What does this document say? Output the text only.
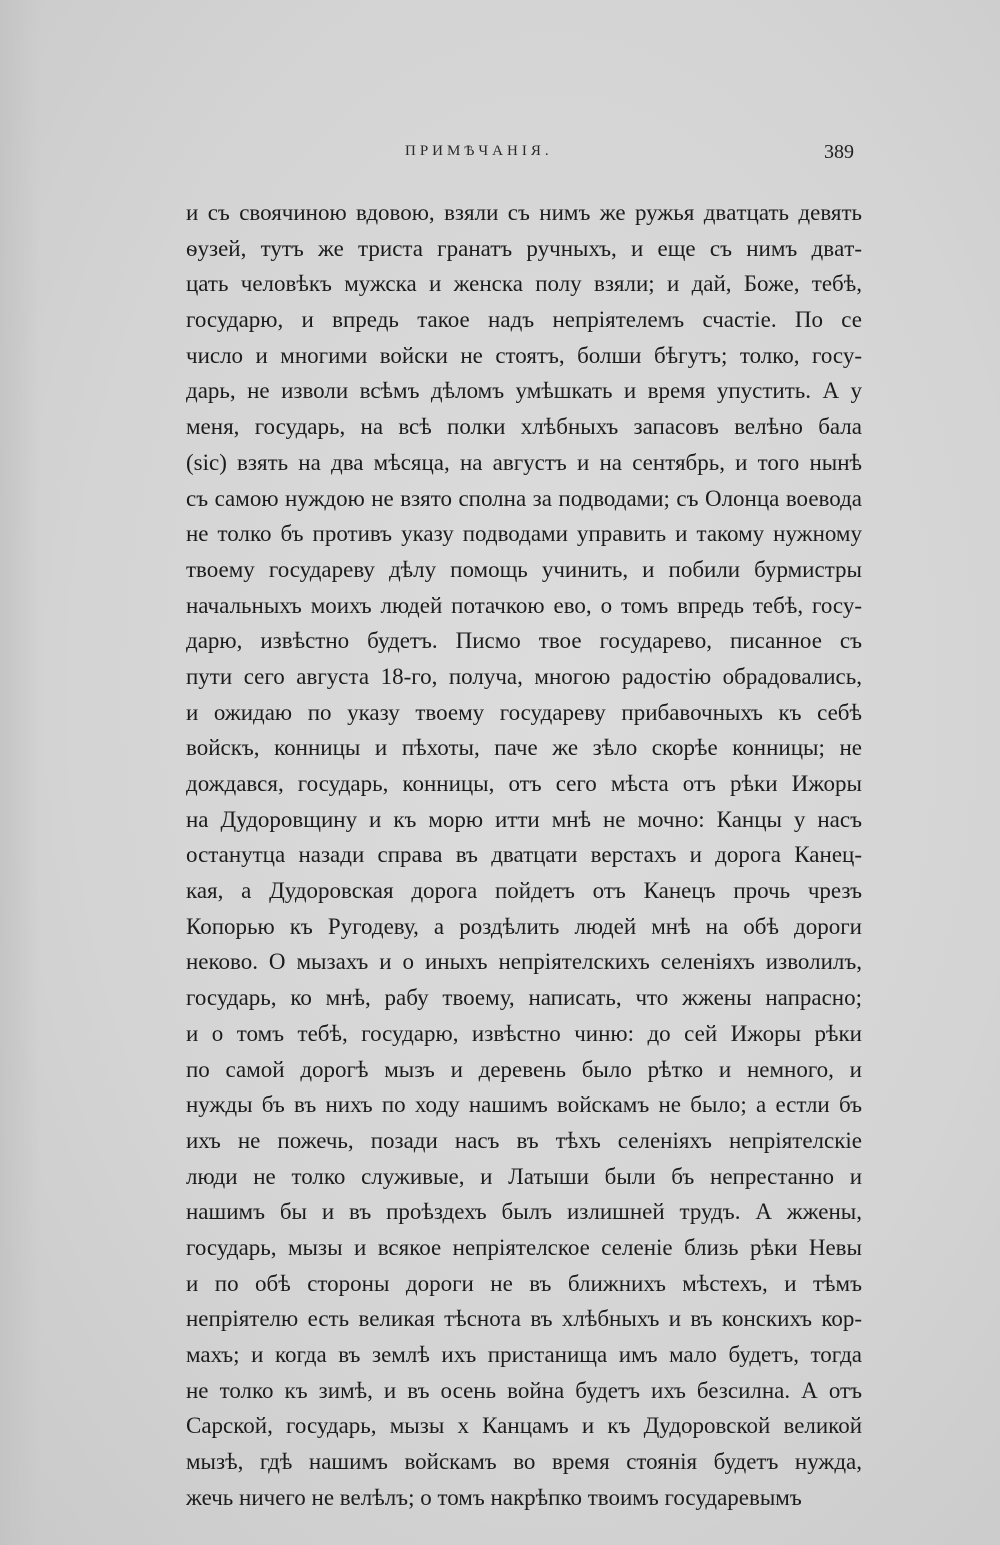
ПРИМѢЧАНІЯ.	389
и съ своячиною вдовою, взяли съ нимъ же ружья двaтцать девять
ѳузей, тутъ же триста гранатъ ручныхъ, и еще съ нимъ двaт-
цать человѣкъ мужска и женска полу взяли; и дай, Боже, тебѣ,
государю, и впредь такое надъ непріятелемъ счастіе. По се
число и многими войски не стоятъ, болши бѣгутъ; толко, госу-
дарь, не изволи всѣмъ дѣломъ умѣшкать и время упустить. А у
меня, государь, на всѣ полки хлѣбныхъ запасовъ велѣно бала
(sic) взять на два мѣсяца, на августъ и на сентябрь, и того нынѣ
съ самою нуждою не взято сполна за подводами; съ Олонца воевода
не толко бъ противъ указу подводами управить и такому нужному
твоему государеву дѣлу помощь учинить, и побили бурмистры
начальныхъ моихъ людей потачкою ево, о томъ впредь тебѣ, госу-
дарю, извѣстно будетъ. Писмо твое государево, писанное съ
пути сего августа 18-го, получа, многою радостію обрадовались,
и ожидаю по указу твоему государеву прибавочныхъ къ себѣ
войскъ, конницы и пѣхоты, паче же зѣло скорѣе конницы; не
дождався, государь, конницы, отъ сего мѣста отъ рѣки Ижоры
на Дудоровщину и къ морю итти мнѣ не мочно: Канцы у насъ
останутца назади справа въ дватцати верстахъ и дорога Канец-
кая, а Дудоровская дорога пойдетъ отъ Канецъ прочь чрезъ
Копорью къ Ругодеву, а роздѣлить людей мнѣ на обѣ дороги
неково. О мызахъ и о иныхъ непріятелскихъ селеніяхъ изволилъ,
государь, ко мнѣ, рабу твоему, написать, что жжены напрасно;
и о томъ тебѣ, государю, извѣстно чиню: до сей Ижоры рѣки
по самой дорогѣ мызъ и деревень было рѣтко и немного, и
нужды бъ въ нихъ по ходу нашимъ войскамъ не было; а естли бъ
ихъ не пожечь, позади насъ въ тѣхъ селеніяхъ непріятелскіе
люди не толко служивые, и Латыши были бъ непрестанно и
нашимъ бы и въ проѣздехъ былъ излишней трудъ. А жжены,
государь, мызы и всякое непріятелское селеніе близь рѣки Невы
и по обѣ стороны дороги не въ ближнихъ мѣстехъ, и тѣмъ
непріятелю есть великая тѣснота въ хлѣбныхъ и въ конскихъ кор-
махъ; и когда въ землѣ ихъ пристанища имъ мало будетъ, тогда
не толко къ зимѣ, и въ осень война будетъ ихъ безсилна. А отъ
Сарской, государь, мызы х Канцамъ и къ Дудоровской великой
мызѣ, гдѣ нашимъ войскамъ во время стоянія будетъ нужда,
жечь ничего не велѣлъ; о томъ накрѣпко твоимъ государевымъ
